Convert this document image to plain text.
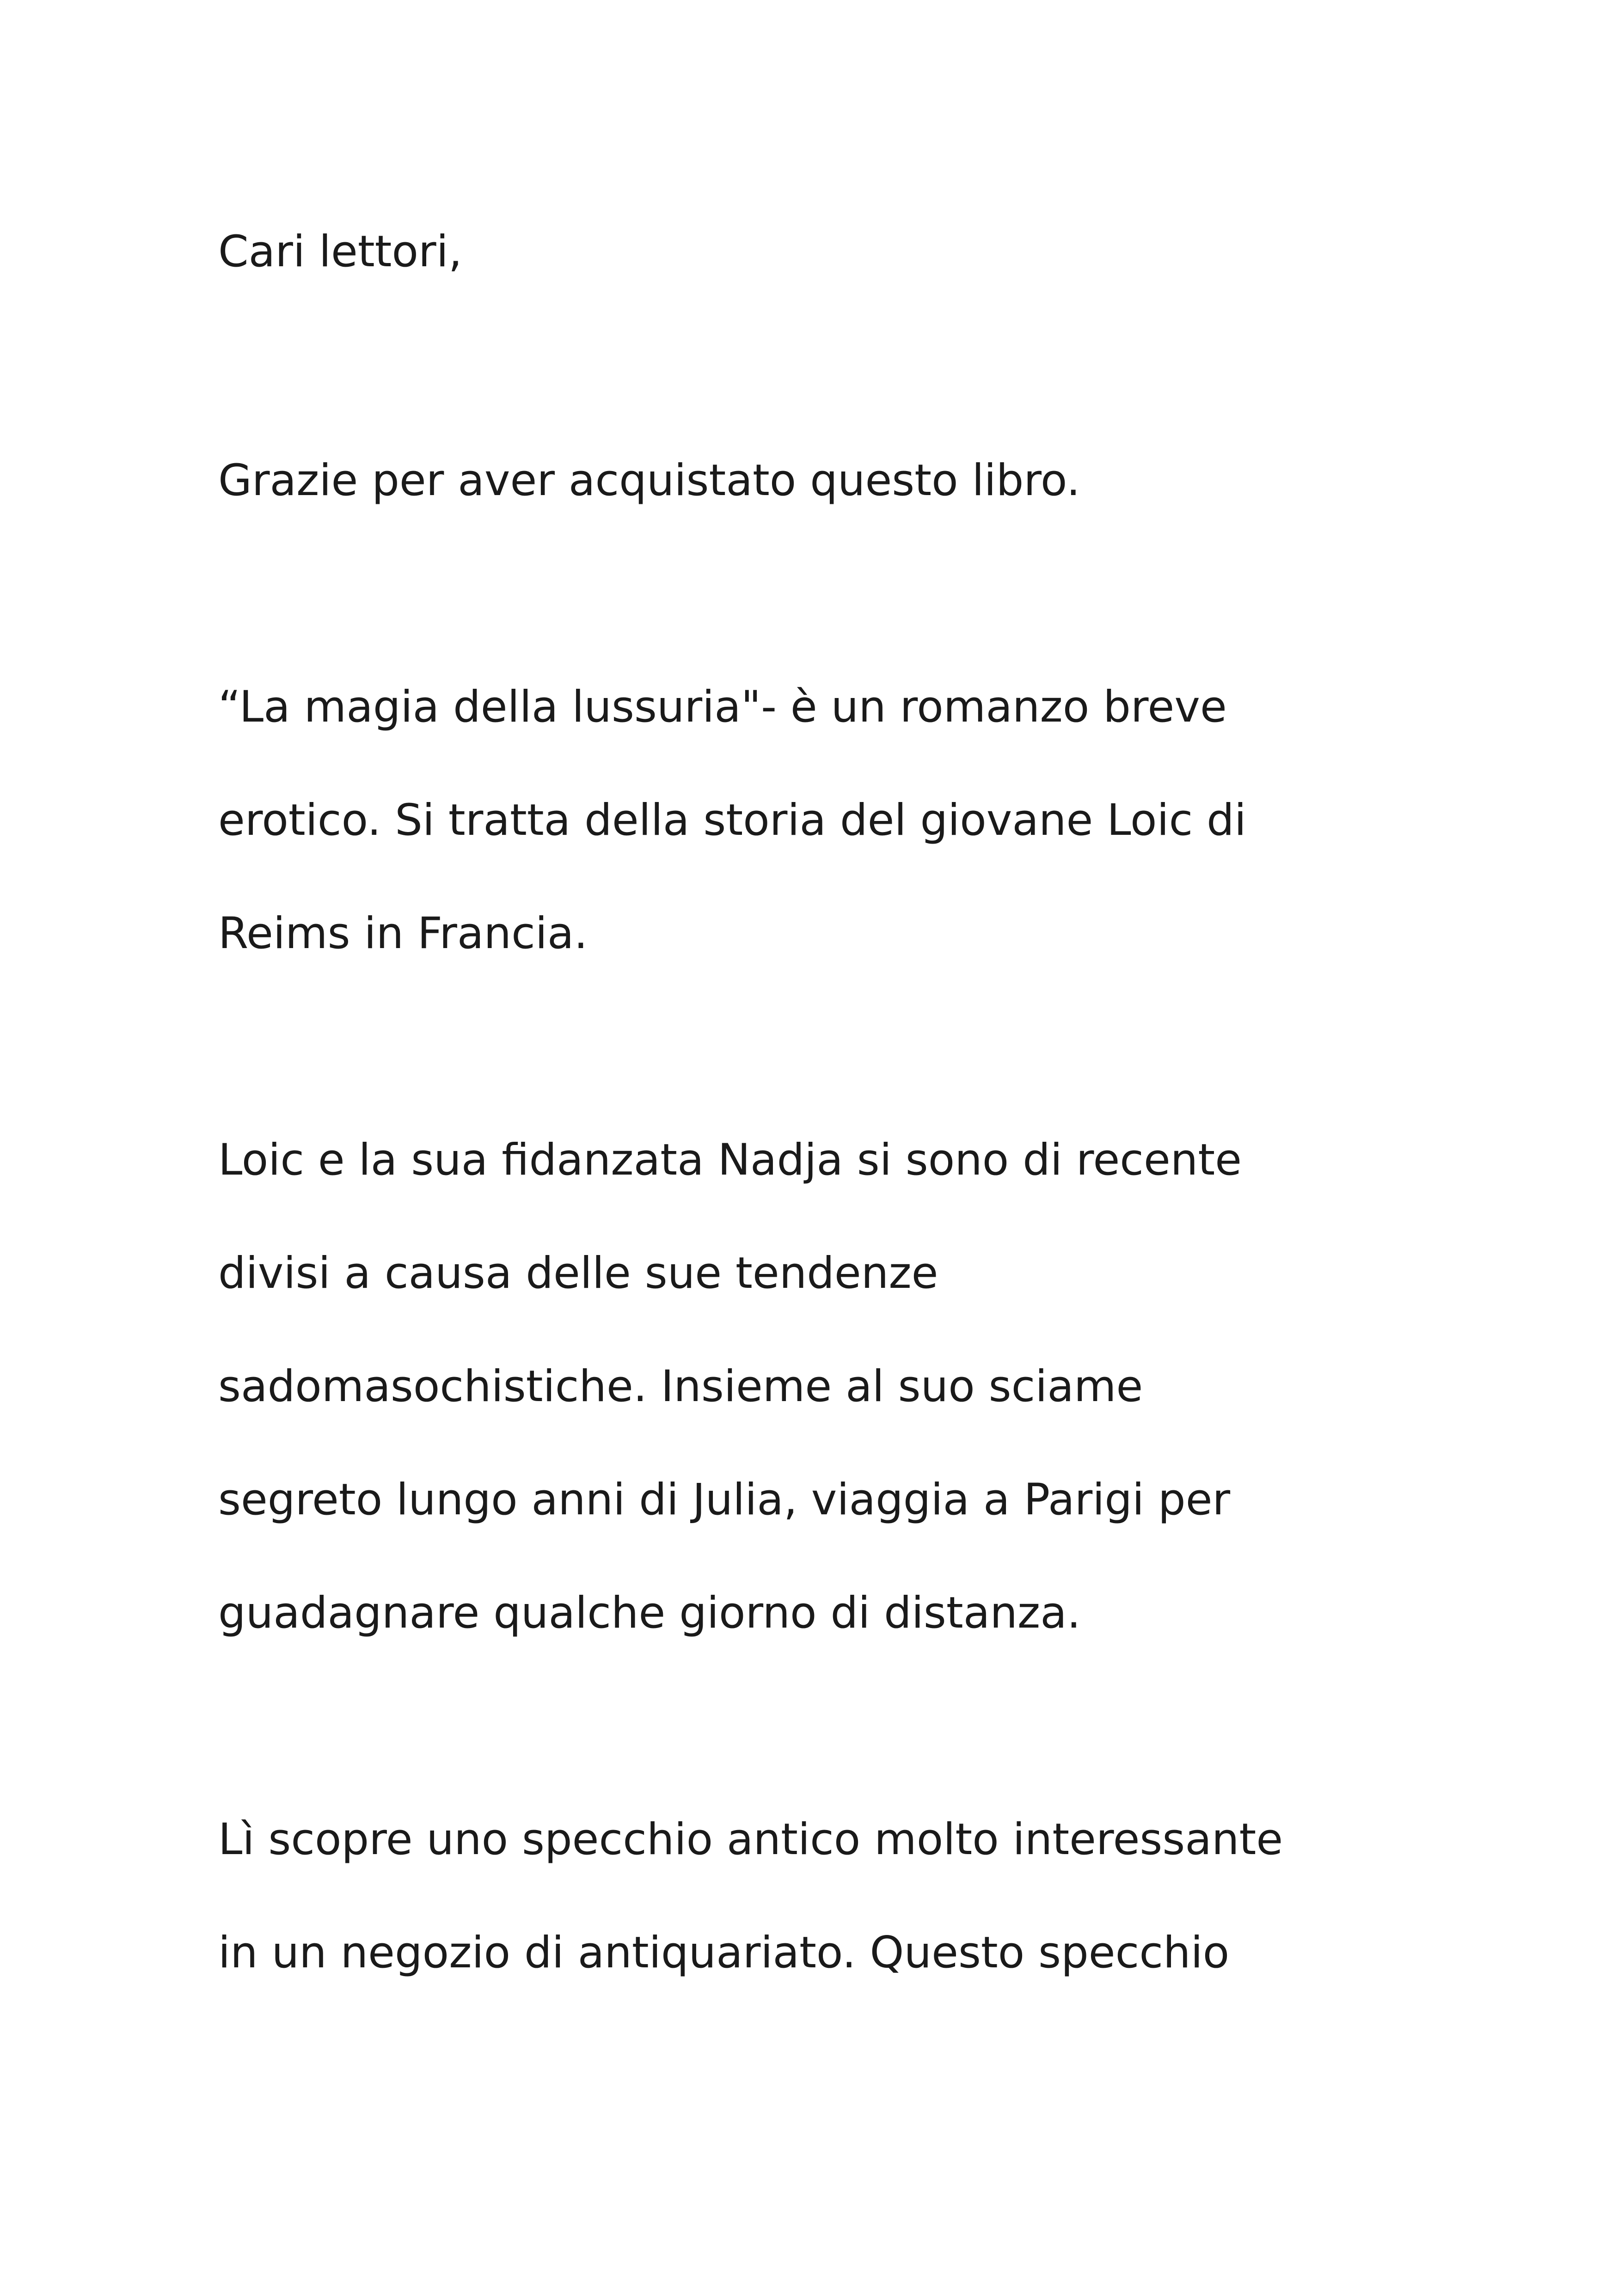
Cari lettori,

Grazie per aver acquistato questo libro.

“La magia della lussuria"- è un romanzo breve

erotico. Si tratta della storia del giovane Loic di

Reims in Francia.

Loic e la sua fidanzata Nadja si sono di recente

divisi a causa delle sue tendenze

sadomasochistiche. Insieme al suo sciame

segreto lungo anni di Julia, viaggia a Parigi per

guadagnare qualche giorno di distanza.

Lì scopre uno specchio antico molto interessante

in un negozio di antiquariato. Questo specchio
